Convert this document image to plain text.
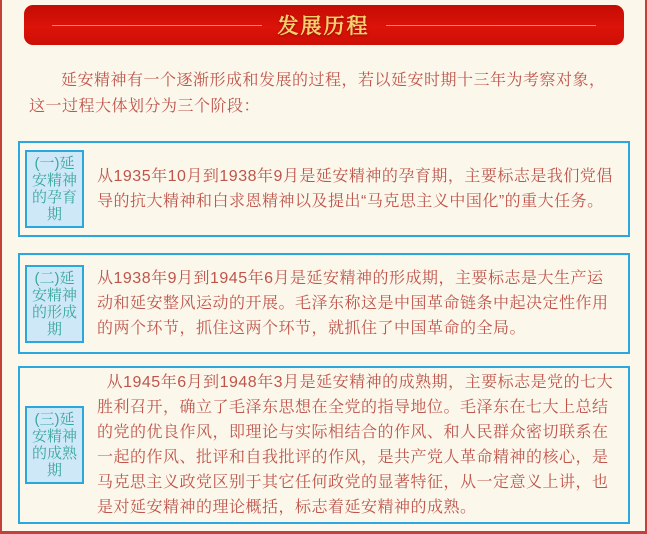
发展历程

延安精神有一个逐渐形成和发展的过程，若以延安时期十三年为考察对象，这一过程大体划分为三个阶段：

(一)延安精神的孕育期
从1935年10月到1938年9月是延安精神的孕育期，主要标志是我们党倡导的抗大精神和白求恩精神以及提出“马克思主义中国化”的重大任务。
(二)延安精神的形成期
从1938年9月到1945年6月是延安精神的形成期，主要标志是大生产运动和延安整风运动的开展。毛泽东称这是中国革命链条中起决定性作用的两个环节，抓住这两个环节，就抓住了中国革命的全局。
(三)延安精神的成熟期
从1945年6月到1948年3月是延安精神的成熟期，主要标志是党的七大胜利召开，确立了毛泽东思想在全党的指导地位。毛泽东在七大上总结的党的优良作风，即理论与实际相结合的作风、和人民群众密切联系在一起的作风、批评和自我批评的作风，是共产党人革命精神的核心，是马克思主义政党区别于其它任何政党的显著特征，从一定意义上讲，也是对延安精神的理论概括，标志着延安精神的成熟。
